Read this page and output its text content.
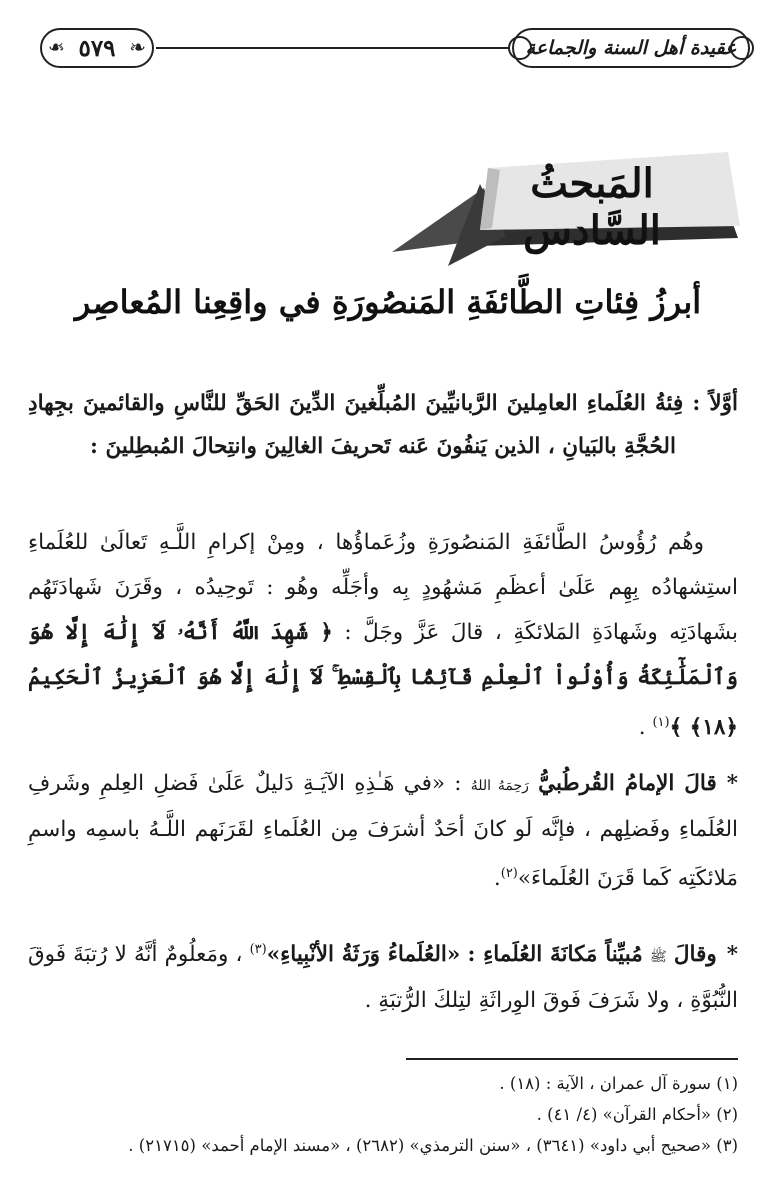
عقيدة أهل السنة والجماعة
❧ ٥٧٩
❧
المَبحثُ السَّادس
أبرزُ فِئاتِ الطَّائفَةِ المَنصُورَةِ في واقِعِنا المُعاصِر
أوَّلاً : فِئةُ العُلَماءِ العامِلينَ الرَّبانيِّينَ المُبلِّغينَ الدِّينَ الحَقِّ للنَّاسِ والقائمينَ بجِهادِ الحُجَّةِ بالبَيانِ ، الذين يَنفُونَ عَنه تَحريفَ الغالِينَ وانتِحالَ المُبطِلينَ :
وهُم رُؤُوسُ الطَّائفَةِ المَنصُورَةِ وزُعَماؤُها ، ومِنْ إكرامِ اللَّـهِ تَعالَىٰ للعُلَماءِ استِشهادُه بِهِم عَلَىٰ أعظَمِ مَشهُودٍ بِه وأجَلِّه وهُو : تَوحِيدُه ، وقَرَنَ شَهادَتَهُم بشَهادَتِه وشَهادَةِ المَلائكَةِ ، قالَ عَزَّ وجَلَّ : ﴿ شَهِدَ اللَّهُ أَنَّهُۥ لَآ إِلَٰهَ إِلَّا هُوَ وَٱلْمَلَٰٓئِكَةُ وَأُوْلُواْ ٱلْعِلْمِ قَآئِمًۢا بِٱلْقِسْطِ ۚ لَآ إِلَٰهَ إِلَّا هُوَ ٱلْعَزِيزُ ٱلْحَكِيمُ ﴿١٨﴾ ﴾$^{(١)}$ .
*قالَ الإمامُ القُرطُبيُّ رَحِمَهُ اللهُ : «في هَـٰذِهِ الآيَـةِ دَليلٌ عَلَىٰ فَضلِ العِلمِ وشَرفِ العُلَماءِ وفَضلِهم ، فإنَّه لَو كانَ أحَدٌ أشرَفَ مِن العُلَماءِ لقَرَنَهم اللَّـهُ باسمِه واسمِ مَلائكَتِه كَما قَرَنَ العُلَماءَ»$^{(٢)}$.
*وقالَ ﷺ مُبيِّناً مَكانَةَ العُلَماءِ : «العُلَماءُ وَرَثَةُ الأنْبِياءِ»$^{(٣)}$ ، ومَعلُومٌ أنَّهُ لا رُتبَةَ فَوقَ النُّبُوَّةِ ، ولا شَرَفَ فَوقَ الوِراثَةِ لتِلكَ الرُّتبَةِ .
(١) سورة آل عمران ، الآية : (١٨) .
(٢) «أحكام القرآن» (٤/ ٤١) .
(٣) «صحيح أبي داود» (٣٦٤١) ، «سنن الترمذي» (٢٦٨٢) ، «مسند الإمام أحمد» (٢١٧١٥) .
